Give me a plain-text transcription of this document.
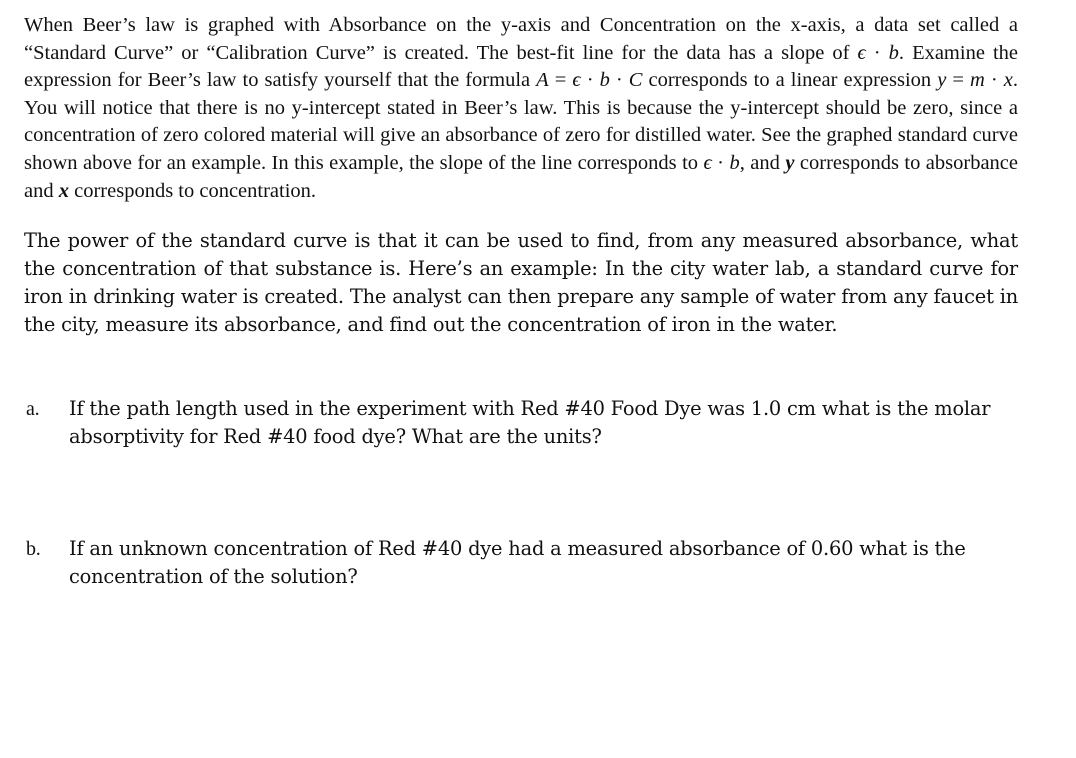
When Beer’s law is graphed with Absorbance on the y-axis and Concentration on the x-axis, a data set called a “Standard Curve” or “Calibration Curve” is created. The best-fit line for the data has a slope of ϵ · b. Examine the expression for Beer’s law to satisfy yourself that the formula A = ϵ · b · C corresponds to a linear expression y = m · x. You will notice that there is no y-intercept stated in Beer’s law. This is because the y-intercept should be zero, since a concentration of zero colored material will give an absorbance of zero for distilled water. See the graphed standard curve shown above for an example. In this example, the slope of the line corresponds to ϵ · b, and y corresponds to absorbance and x corresponds to concentration.

The power of the standard curve is that it can be used to find, from any measured absorbance, what the concentration of that substance is. Here’s an example: In the city water lab, a standard curve for iron in drinking water is created. The analyst can then prepare any sample of water from any faucet in the city, measure its absorbance, and find out the concentration of iron in the water.

a. If the path length used in the experiment with Red #40 Food Dye was 1.0 cm what is the molar absorptivity for Red #40 food dye? What are the units?
b. If an unknown concentration of Red #40 dye had a measured absorbance of 0.60 what is the concentration of the solution?
